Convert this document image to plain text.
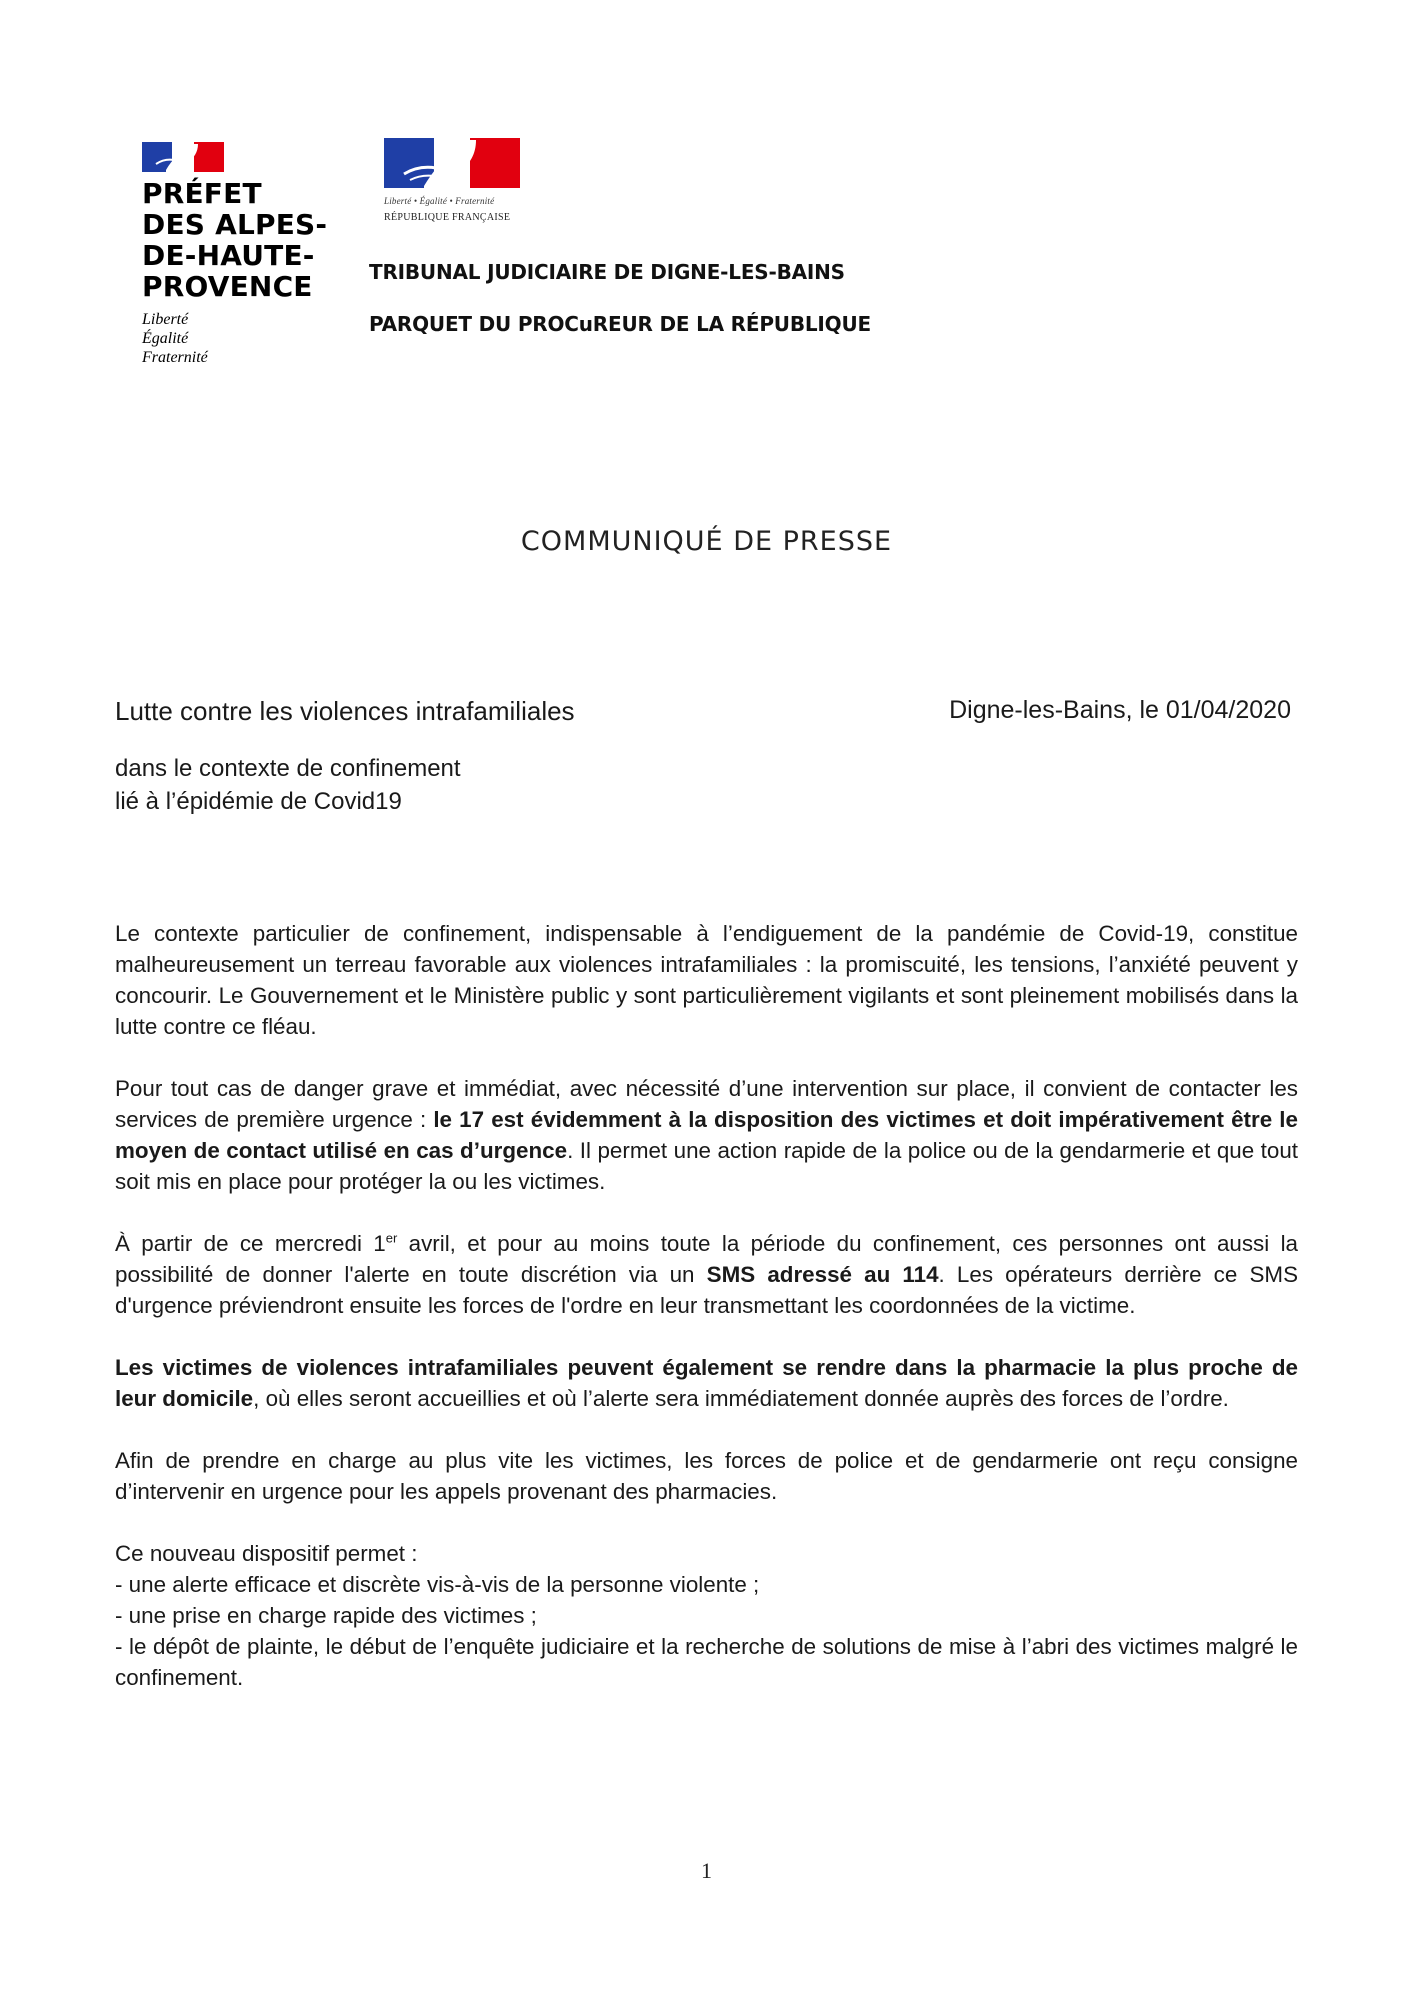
PRÉFET
DES ALPES-
DE-HAUTE-
PROVENCE
Liberté
Égalité
Fraternité
Liberté • Égalité • Fraternité
RÉPUBLIQUE FRANÇAISE
TRIBUNAL JUDICIAIRE DE DIGNE-LES-BAINS
PARQUET DU PROCuREUR DE LA RÉPUBLIQUE
COMMUNIQUÉ DE PRESSE
Lutte contre les violences intrafamiliales	Digne-les-Bains, le 01/04/2020
dans le contexte de confinement
lié à l’épidémie de Covid19

Le contexte particulier de confinement, indispensable à l’endiguement de la pandémie de Covid-19, constitue malheureusement un terreau favorable aux violences intrafamiliales : la promiscuité, les tensions, l’anxiété peuvent y concourir. Le Gouvernement et le Ministère public y sont particulièrement vigilants et sont pleinement mobilisés dans la lutte contre ce fléau.

Pour tout cas de danger grave et immédiat, avec nécessité d’une intervention sur place, il convient de contacter les services de première urgence : le 17 est évidemment à la disposition des victimes et doit impérativement être le moyen de contact utilisé en cas d’urgence. Il permet une action rapide de la police ou de la gendarmerie et que tout soit mis en place pour protéger la ou les victimes.

À partir de ce mercredi 1er avril, et pour au moins toute la période du confinement, ces personnes ont aussi la possibilité de donner l'alerte en toute discrétion via un SMS adressé au 114. Les opérateurs derrière ce SMS d'urgence préviendront ensuite les forces de l'ordre en leur transmettant les coordonnées de la victime.

Les victimes de violences intrafamiliales peuvent également se rendre dans la pharmacie la plus proche de leur domicile, où elles seront accueillies et où l’alerte sera immédiatement donnée auprès des forces de l’ordre.

Afin de prendre en charge au plus vite les victimes, les forces de police et de gendarmerie ont reçu consigne d’intervenir en urgence pour les appels provenant des pharmacies.

Ce nouveau dispositif permet :
- une alerte efficace et discrète vis-à-vis de la personne violente ;
- une prise en charge rapide des victimes ;
- le dépôt de plainte, le début de l’enquête judiciaire et la recherche de solutions de mise à l’abri des victimes malgré le confinement.
1
